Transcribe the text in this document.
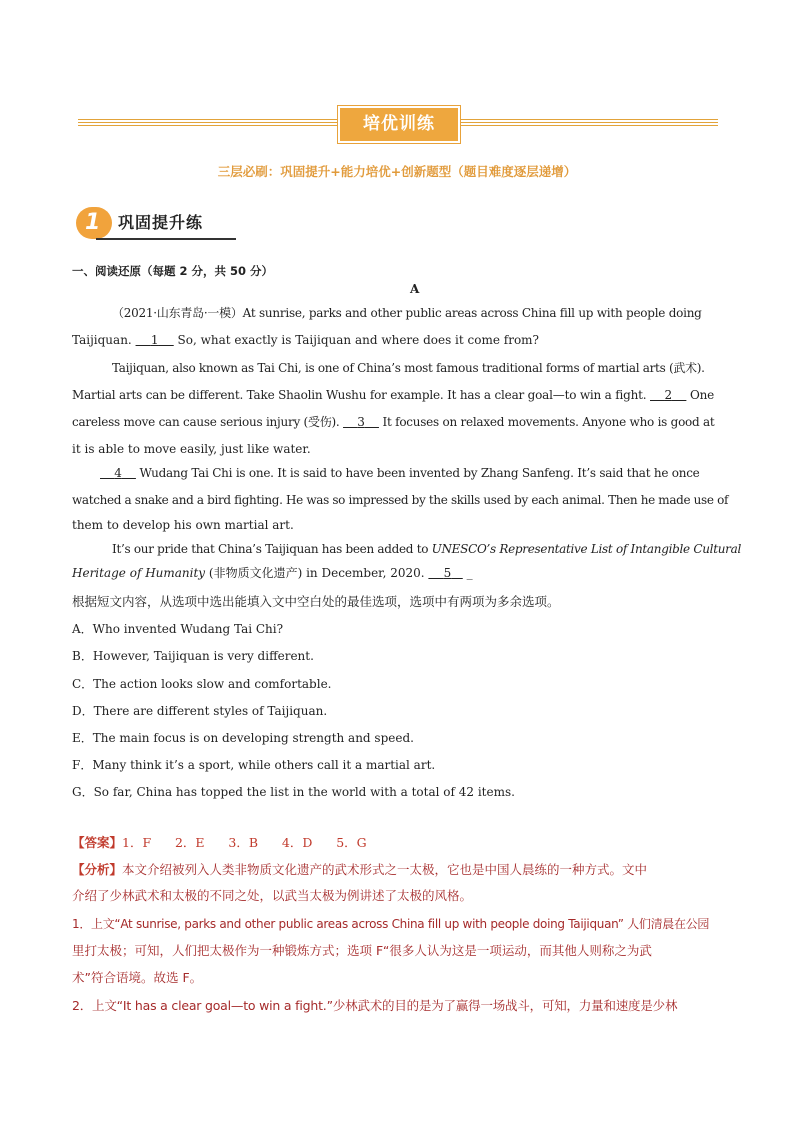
培优训练
三层必刷：巩固提升+能力培优+创新题型（题目难度逐层递增）
1 巩固提升练
一、阅读还原（每题 2 分，共 50 分）
A
（2021·山东青岛·一模）At sunrise, parks and other public areas across China fill up with people doing
Taijiquan.     1     So, what exactly is Taijiquan and where does it come from?
Taijiquan, also known as Tai Chi, is one of China’s most famous traditional forms of martial arts (武术).
Martial arts can be different. Take Shaolin Wushu for example. It has a clear goal—to win a fight.     2     One
careless move can cause serious injury (受伤).     3     It focuses on relaxed movements. Anyone who is good at
it is able to move easily, just like water.
4     Wudang Tai Chi is one. It is said to have been invented by Zhang Sanfeng. It’s said that he once
watched a snake and a bird fighting. He was so impressed by the skills used by each animal. Then he made use of
them to develop his own martial art.
It’s our pride that China’s Taijiquan has been added to UNESCO’s Representative List of Intangible Cultural
Heritage of Humanity (非物质文化遗产) in December, 2020.     5    _
根据短文内容，从选项中选出能填入文中空白处的最佳选项，选项中有两项为多余选项。
A．Who invented Wudang Tai Chi?
B．However, Taijiquan is very different.
C．The action looks slow and comfortable.
D．There are different styles of Taijiquan.
E．The main focus is on developing strength and speed.
F．Many think it’s a sport, while others call it a martial art.
G．So far, China has topped the list in the world with a total of 42 items.
【答案】1．F      2．E      3．B      4．D      5．G
【分析】本文介绍被列入人类非物质文化遗产的武术形式之一太极，它也是中国人晨练的一种方式。文中
介绍了少林武术和太极的不同之处，以武当太极为例讲述了太极的风格。
1．上文“At sunrise, parks and other public areas across China fill up with people doing Taijiquan” 人们清晨在公园
里打太极；可知，人们把太极作为一种锻炼方式；选项 F“很多人认为这是一项运动，而其他人则称之为武
术”符合语境。故选 F。
2．上文“It has a clear goal—to win a fight.”少林武术的目的是为了赢得一场战斗，可知，力量和速度是少林
